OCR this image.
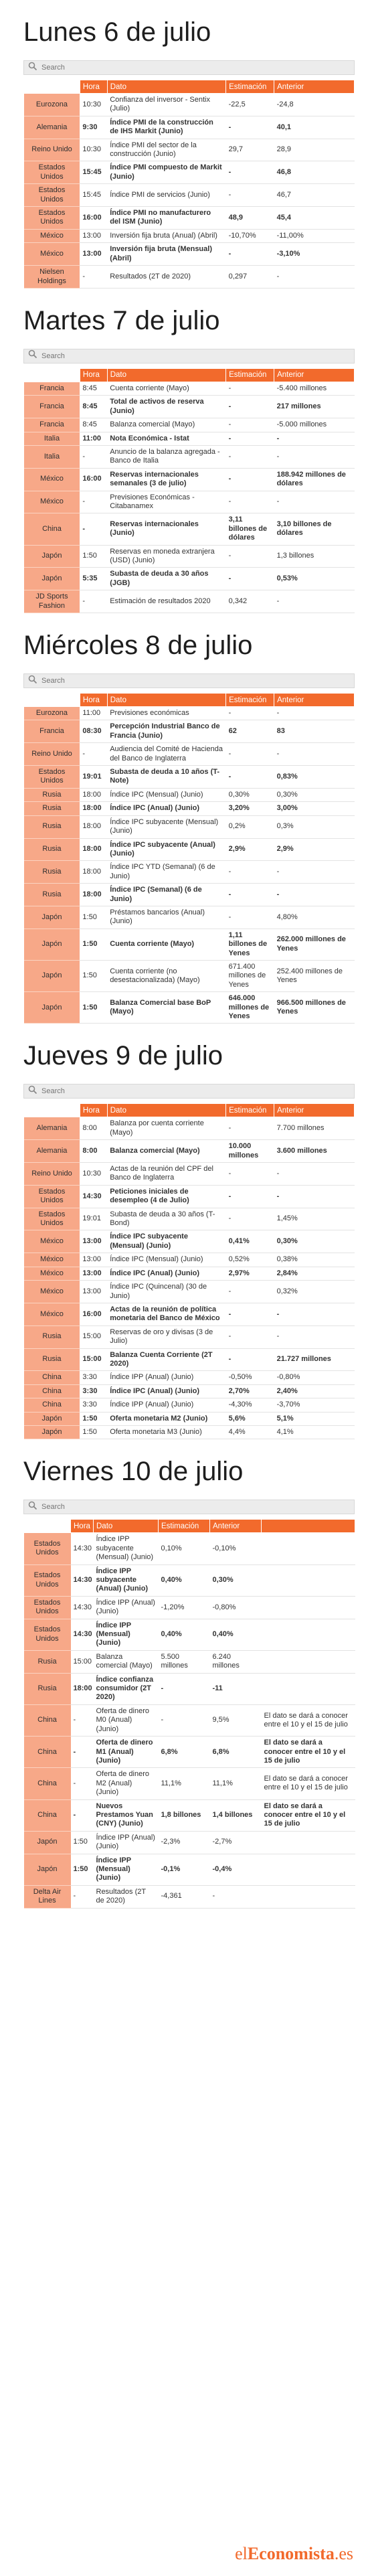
Lunes 6 de julio
Search
	Hora	Dato	Estimación	Anterior
Eurozona	10:30	Confianza del inversor - Sentix (Julio)	-22,5	-24,8
Alemania	9:30	Índice PMI de la construcción de IHS Markit (Junio)	-	40,1
Reino Unido	10:30	Índice PMI del sector de la construcción (Junio)	29,7	28,9
Estados Unidos	15:45	Índice PMI compuesto de Markit (Junio)	-	46,8
Estados Unidos	15:45	Índice PMI de servicios (Junio)	-	46,7
Estados Unidos	16:00	Índice PMI no manufacturero del ISM (Junio)	48,9	45,4
México	13:00	Inversión fija bruta (Anual) (Abril)	-10,70%	-11,00%
México	13:00	Inversión fija bruta (Mensual) (Abril)	-	-3,10%
Nielsen Holdings	-	Resultados (2T de 2020)	0,297	-
Martes 7 de julio
Search
	Hora	Dato	Estimación	Anterior
Francia	8:45	Cuenta corriente (Mayo)	-	-5.400 millones
Francia	8:45	Total de activos de reserva (Junio)	-	217 millones
Francia	8:45	Balanza comercial (Mayo)	-	-5.000 millones
Italia	11:00	Nota Económica - Istat	-	-
Italia	-	Anuncio de la balanza agregada - Banco de Italia	-	-
México	16:00	Reservas internacionales semanales (3 de julio)	-	188.942 millones de dólares
México	-	Previsiones Económicas - Citabanamex	-	-
China	-	Reservas internacionales (Junio)	3,11 billones de dólares	3,10 billones de dólares
Japón	1:50	Reservas en moneda extranjera (USD) (Junio)	-	1,3 billones
Japón	5:35	Subasta de deuda a 30 años (JGB)	-	0,53%
JD Sports Fashion	-	Estimación de resultados 2020	0,342	-
Miércoles 8 de julio
Search
	Hora	Dato	Estimación	Anterior
Eurozona	11:00	Previsiones económicas	-	-
Francia	08:30	Percepción Industrial Banco de Francia (Junio)	62	83
Reino Unido	-	Audiencia del Comité de Hacienda del Banco de Inglaterra	-	-
Estados Unidos	19:01	Subasta de deuda a 10 años (T-Note)	-	0,83%
Rusia	18:00	Índice IPC (Mensual) (Junio)	0,30%	0,30%
Rusia	18:00	Índice IPC (Anual) (Junio)	3,20%	3,00%
Rusia	18:00	Índice IPC subyacente (Mensual) (Junio)	0,2%	0,3%
Rusia	18:00	Índice IPC subyacente (Anual) (Junio)	2,9%	2,9%
Rusia	18:00	Índice IPC YTD (Semanal) (6 de Junio)	-	-
Rusia	18:00	Índice IPC (Semanal) (6 de Junio)	-	-
Japón	1:50	Préstamos bancarios (Anual) (Junio)	-	4,80%
Japón	1:50	Cuenta corriente (Mayo)	1,11 billones de Yenes	262.000 millones de Yenes
Japón	1:50	Cuenta corriente (no desestacionalizada) (Mayo)	671.400 millones de Yenes	252.400 millones de Yenes
Japón	1:50	Balanza Comercial base BoP (Mayo)	646.000 millones de Yenes	966.500 millones de Yenes
Jueves 9 de julio
Search
	Hora	Dato	Estimación	Anterior
Alemania	8:00	Balanza por cuenta corriente (Mayo)	-	7.700 millones
Alemania	8:00	Balanza comercial (Mayo)	10.000 millones	3.600 millones
Reino Unido	10:30	Actas de la reunión del CPF del Banco de Inglaterra	-	-
Estados Unidos	14:30	Peticiones iniciales de desempleo (4 de Julio)	-	-
Estados Unidos	19:01	Subasta de deuda a 30 años (T-Bond)	-	1,45%
México	13:00	Índice IPC subyacente (Mensual) (Junio)	0,41%	0,30%
México	13:00	Índice IPC (Mensual) (Junio)	0,52%	0,38%
México	13:00	Índice IPC (Anual) (Junio)	2,97%	2,84%
México	13:00	Índice IPC (Quincenal) (30 de Junio)	-	0,32%
México	16:00	Actas de la reunión de política monetaria del Banco de México	-	-
Rusia	15:00	Reservas de oro y divisas (3 de Julio)	-	-
Rusia	15:00	Balanza Cuenta Corriente (2T 2020)	-	21.727 millones
China	3:30	Índice IPP (Anual) (Junio)	-0,50%	-0,80%
China	3:30	Índice IPC (Anual) (Junio)	2,70%	2,40%
China	3:30	Índice IPP (Anual) (Junio)	-4,30%	-3,70%
Japón	1:50	Oferta monetaria M2 (Junio)	5,6%	5,1%
Japón	1:50	Oferta monetaria M3 (Junio)	4,4%	4,1%
Viernes 10 de julio
Search
	Hora	Dato	Estimación	Anterior	
Estados Unidos	14:30	Índice IPP subyacente (Mensual) (Junio)	0,10%	-0,10%	
Estados Unidos	14:30	Índice IPP subyacente (Anual) (Junio)	0,40%	0,30%	
Estados Unidos	14:30	Índice IPP (Anual) (Junio)	-1,20%	-0,80%	
Estados Unidos	14:30	Índice IPP (Mensual) (Junio)	0,40%	0,40%	
Rusia	15:00	Balanza comercial (Mayo)	5.500 millones	6.240 millones	
Rusia	18:00	Índice confianza consumidor (2T 2020)	-	-11	
China	-	Oferta de dinero M0 (Anual) (Junio)	-	9,5%	El dato se dará a conocer entre el 10 y el 15 de julio
China	-	Oferta de dinero M1 (Anual) (Junio)	6,8%	6,8%	El dato se dará a conocer entre el 10 y el 15 de julio
China	-	Oferta de dinero M2 (Anual) (Junio)	11,1%	11,1%	El dato se dará a conocer entre el 10 y el 15 de julio
China	-	Nuevos Prestamos Yuan (CNY) (Junio)	1,8 billones	1,4 billones	El dato se dará a conocer entre el 10 y el 15 de julio
Japón	1:50	Índice IPP (Anual) (Junio)	-2,3%	-2,7%	
Japón	1:50	Índice IPP (Mensual) (Junio)	-0,1%	-0,4%	
Delta Air Lines	-	Resultados (2T de 2020)	-4,361	-	
elEconomista.es
